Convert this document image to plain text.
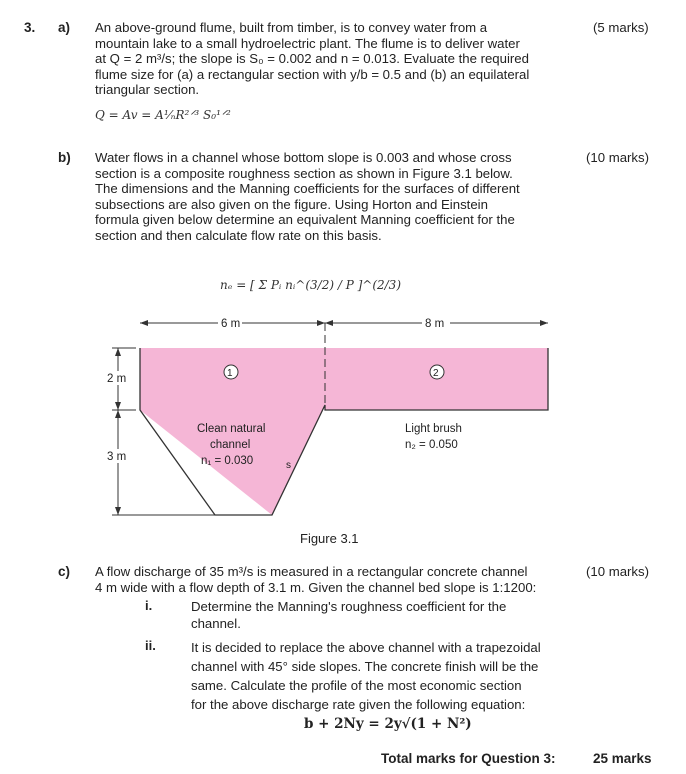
3. a)	(5 marks)
An above-ground flume, built from timber, is to convey water from a
mountain lake to a small hydroelectric plant. The flume is to deliver water
at Q = 2 m³/s; the slope is S₀ = 0.002 and n = 0.013. Evaluate the required
flume size for (a) a rectangular section with y/b = 0.5 and (b) an equilateral
triangular section.
Q = Av = A¹⁄ₙR²ᐟ³ S₀¹ᐟ²
b)	(10 marks)
Water flows in a channel whose bottom slope is 0.003 and whose cross
section is a composite roughness section as shown in Figure 3.1 below.
The dimensions and the Manning coefficients for the surfaces of different
subsections are also given on the figure. Using Horton and Einstein
formula given below determine an equivalent Manning coefficient for the
section and then calculate flow rate on this basis.
nₑ = [ Σ Pᵢ nᵢ^(3/2) / P ]^(2/3)
6 m	8 m
2 m
3 m
1	2
Clean natural
channel
n₁ = 0.030
Light brush
n₂ = 0.050
s
Figure 3.1
c)	(10 marks)
A flow discharge of 35 m³/s is measured in a rectangular concrete channel
4 m wide with a flow depth of 3.1 m. Given the channel bed slope is 1:1200:
i.	Determine the Manning's roughness coefficient for the
channel.
ii.	It is decided to replace the above channel with a trapezoidal
channel with 45° side slopes. The concrete finish will be the
same. Calculate the profile of the most economic section
for the above discharge rate given the following equation:
b + 2Ny = 2y√(1 + N²)
Total marks for Question 3:	25 marks
